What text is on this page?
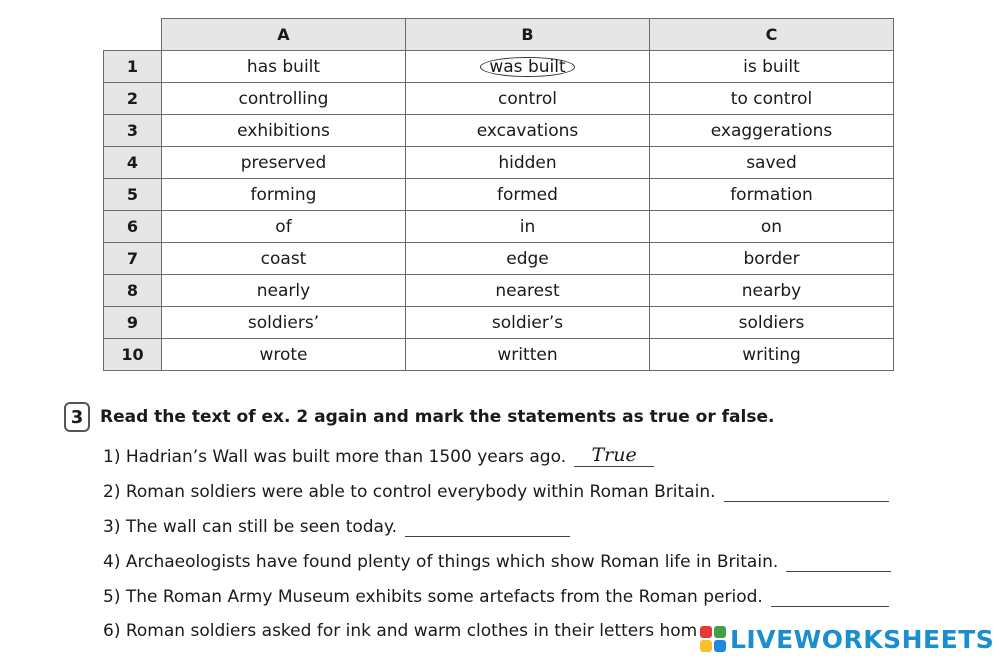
	A	B	C
1	has built	was built	is built
2	controlling	control	to control
3	exhibitions	excavations	exaggerations
4	preserved	hidden	saved
5	forming	formed	formation
6	of	in	on
7	coast	edge	border
8	nearly	nearest	nearby
9	soldiers’	soldier’s	soldiers
10	wrote	written	writing
3 Read the text of ex. 2 again and mark the statements as true or false.
1) Hadrian’s Wall was built more than 1500 years ago.	True
2) Roman soldiers were able to control everybody within Roman Britain.
3) The wall can still be seen today.
4) Archaeologists have found plenty of things which show Roman life in Britain.
5) The Roman Army Museum exhibits some artefacts from the Roman period.
6) Roman soldiers asked for ink and warm clothes in their letters hom LIVEWORKSHEETS
